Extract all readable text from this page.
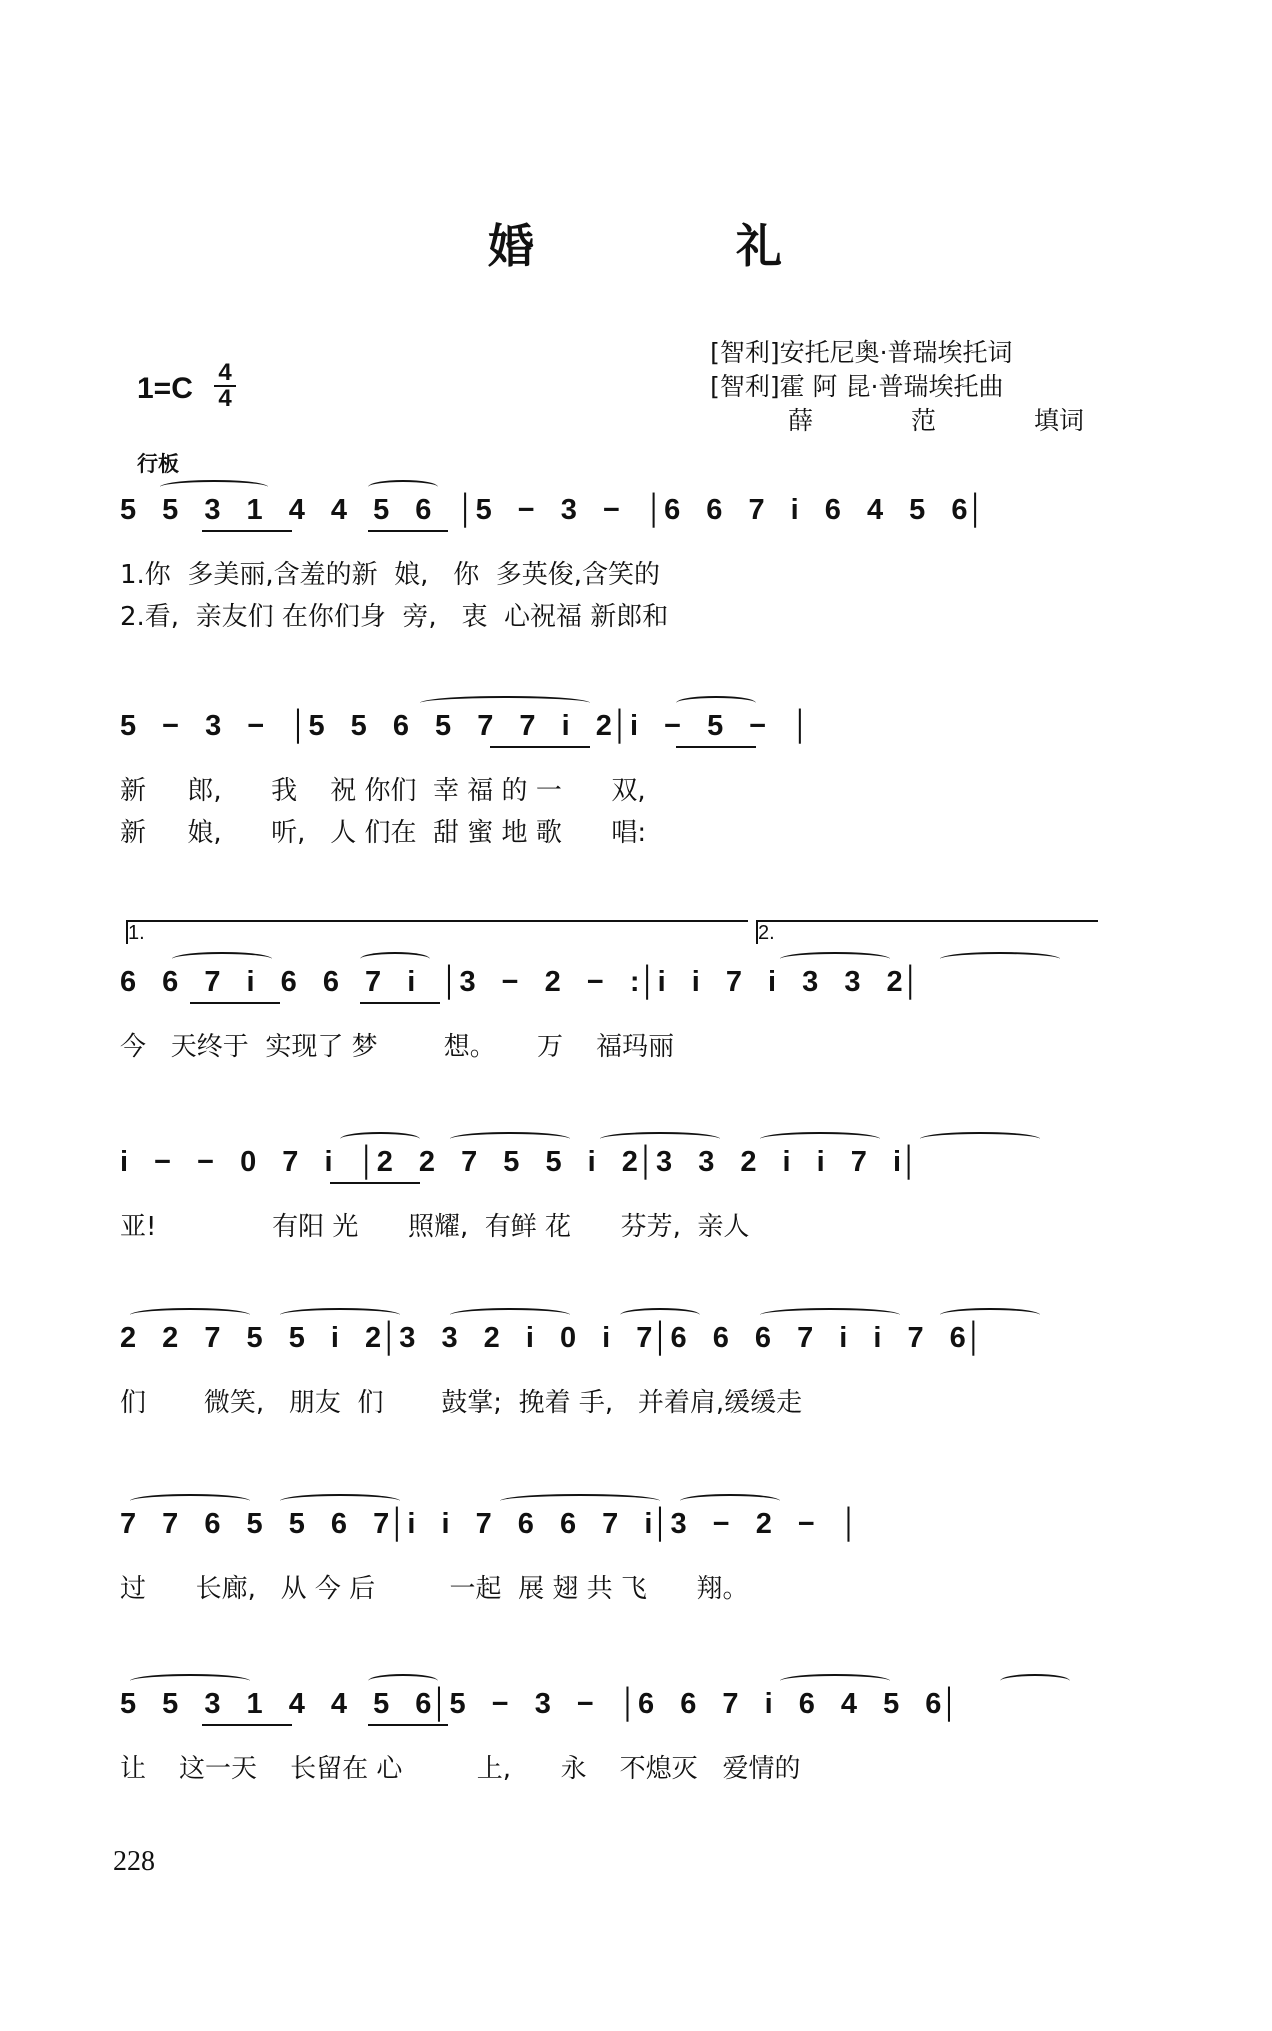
婚	礼
[智利]安托尼奥·普瑞埃托词
[智利]霍 阿 昆·普瑞埃托曲
薛 范 填词
1=C 4
4
行板
5 5 3 1 4 4 5 6 │5 − 3 − │6 6 7 i 6 4 5 6│
1.你  多美丽,含羞的新  娘,   你  多英俊,含笑的
2.看,  亲友们 在你们身  旁,   衷  心祝福 新郎和
5 − 3 − │5 5 6 5 7 7 i 2│i − 5 − │
新     郎,      我    祝 你们  幸 福 的 一      双,
新     娘,      听,   人 们在  甜 蜜 地 歌      唱:
1.	2.
6 6 7 i 6 6 7 i │3 − 2 − :│i i 7 i 3 3 2│
今   天终于  实现了 梦        想。     万    福玛丽
i − − 0 7 i │2 2 7 5 5 i 2│3 3 2 i i 7 i│
亚!              有阳 光      照耀,  有鲜 花      芬芳,  亲人
2 2 7 5 5 i 2│3 3 2 i 0 i 7│6 6 6 7 i i 7 6│
们       微笑,   朋友  们       鼓掌;  挽着 手,   并着肩,缓缓走
7 7 6 5 5 6 7│i i 7 6 6 7 i│3 − 2 − │
过      长廊,   从 今 后         一起  展 翅 共 飞      翔。
5 5 3 1 4 4 5 6│5 − 3 − │6 6 7 i 6 4 5 6│
让    这一天    长留在 心         上,      永    不熄灭   爱情的
228
